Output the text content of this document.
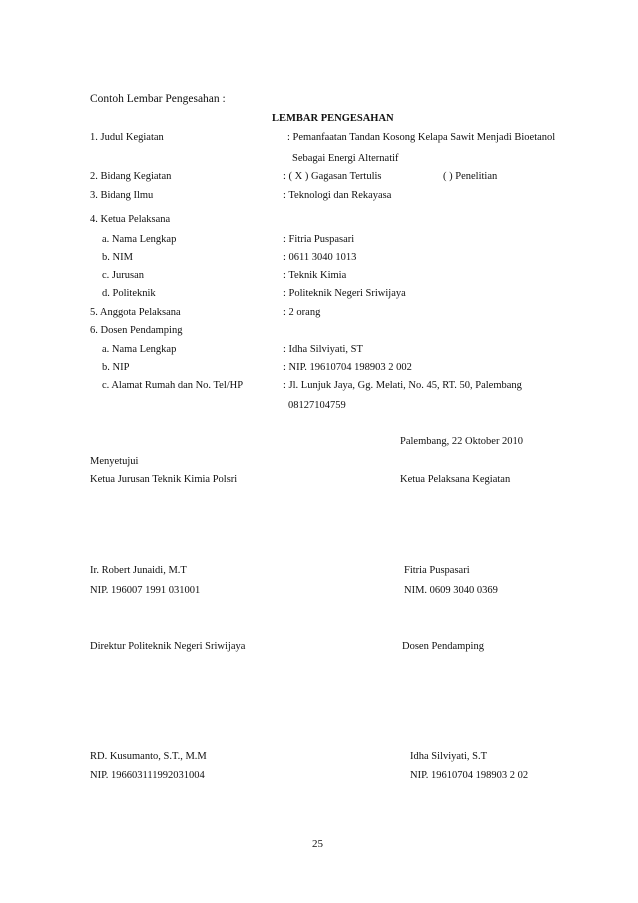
Contoh Lembar Pengesahan :
LEMBAR PENGESAHAN
1. Judul Kegiatan	: Pemanfaatan Tandan Kosong Kelapa Sawit Menjadi Bioetanol
Sebagai Energi Alternatif
2. Bidang Kegiatan	: ( X ) Gagasan Tertulis	( ) Penelitian
3. Bidang Ilmu	: Teknologi dan Rekayasa
4. Ketua Pelaksana
a. Nama Lengkap	: Fitria Puspasari
b. NIM	: 0611 3040 1013
c. Jurusan	: Teknik Kimia
d. Politeknik	: Politeknik Negeri Sriwijaya
5. Anggota Pelaksana	: 2 orang
6. Dosen Pendamping
a. Nama Lengkap	: Idha Silviyati, ST
b. NIP	: NIP. 19610704 198903 2 002
c. Alamat Rumah dan No. Tel/HP	: Jl. Lunjuk Jaya, Gg. Melati, No. 45, RT. 50, Palembang
08127104759
Palembang, 22 Oktober 2010
Menyetujui
Ketua Jurusan Teknik Kimia Polsri	Ketua Pelaksana Kegiatan
Ir. Robert Junaidi, M.T	Fitria Puspasari
NIP. 196007 1991 031001	NIM. 0609 3040 0369
Direktur Politeknik Negeri Sriwijaya	Dosen Pendamping
RD. Kusumanto, S.T., M.M	Idha Silviyati, S.T
NIP. 196603111992031004	NIP. 19610704 198903 2 02
25
